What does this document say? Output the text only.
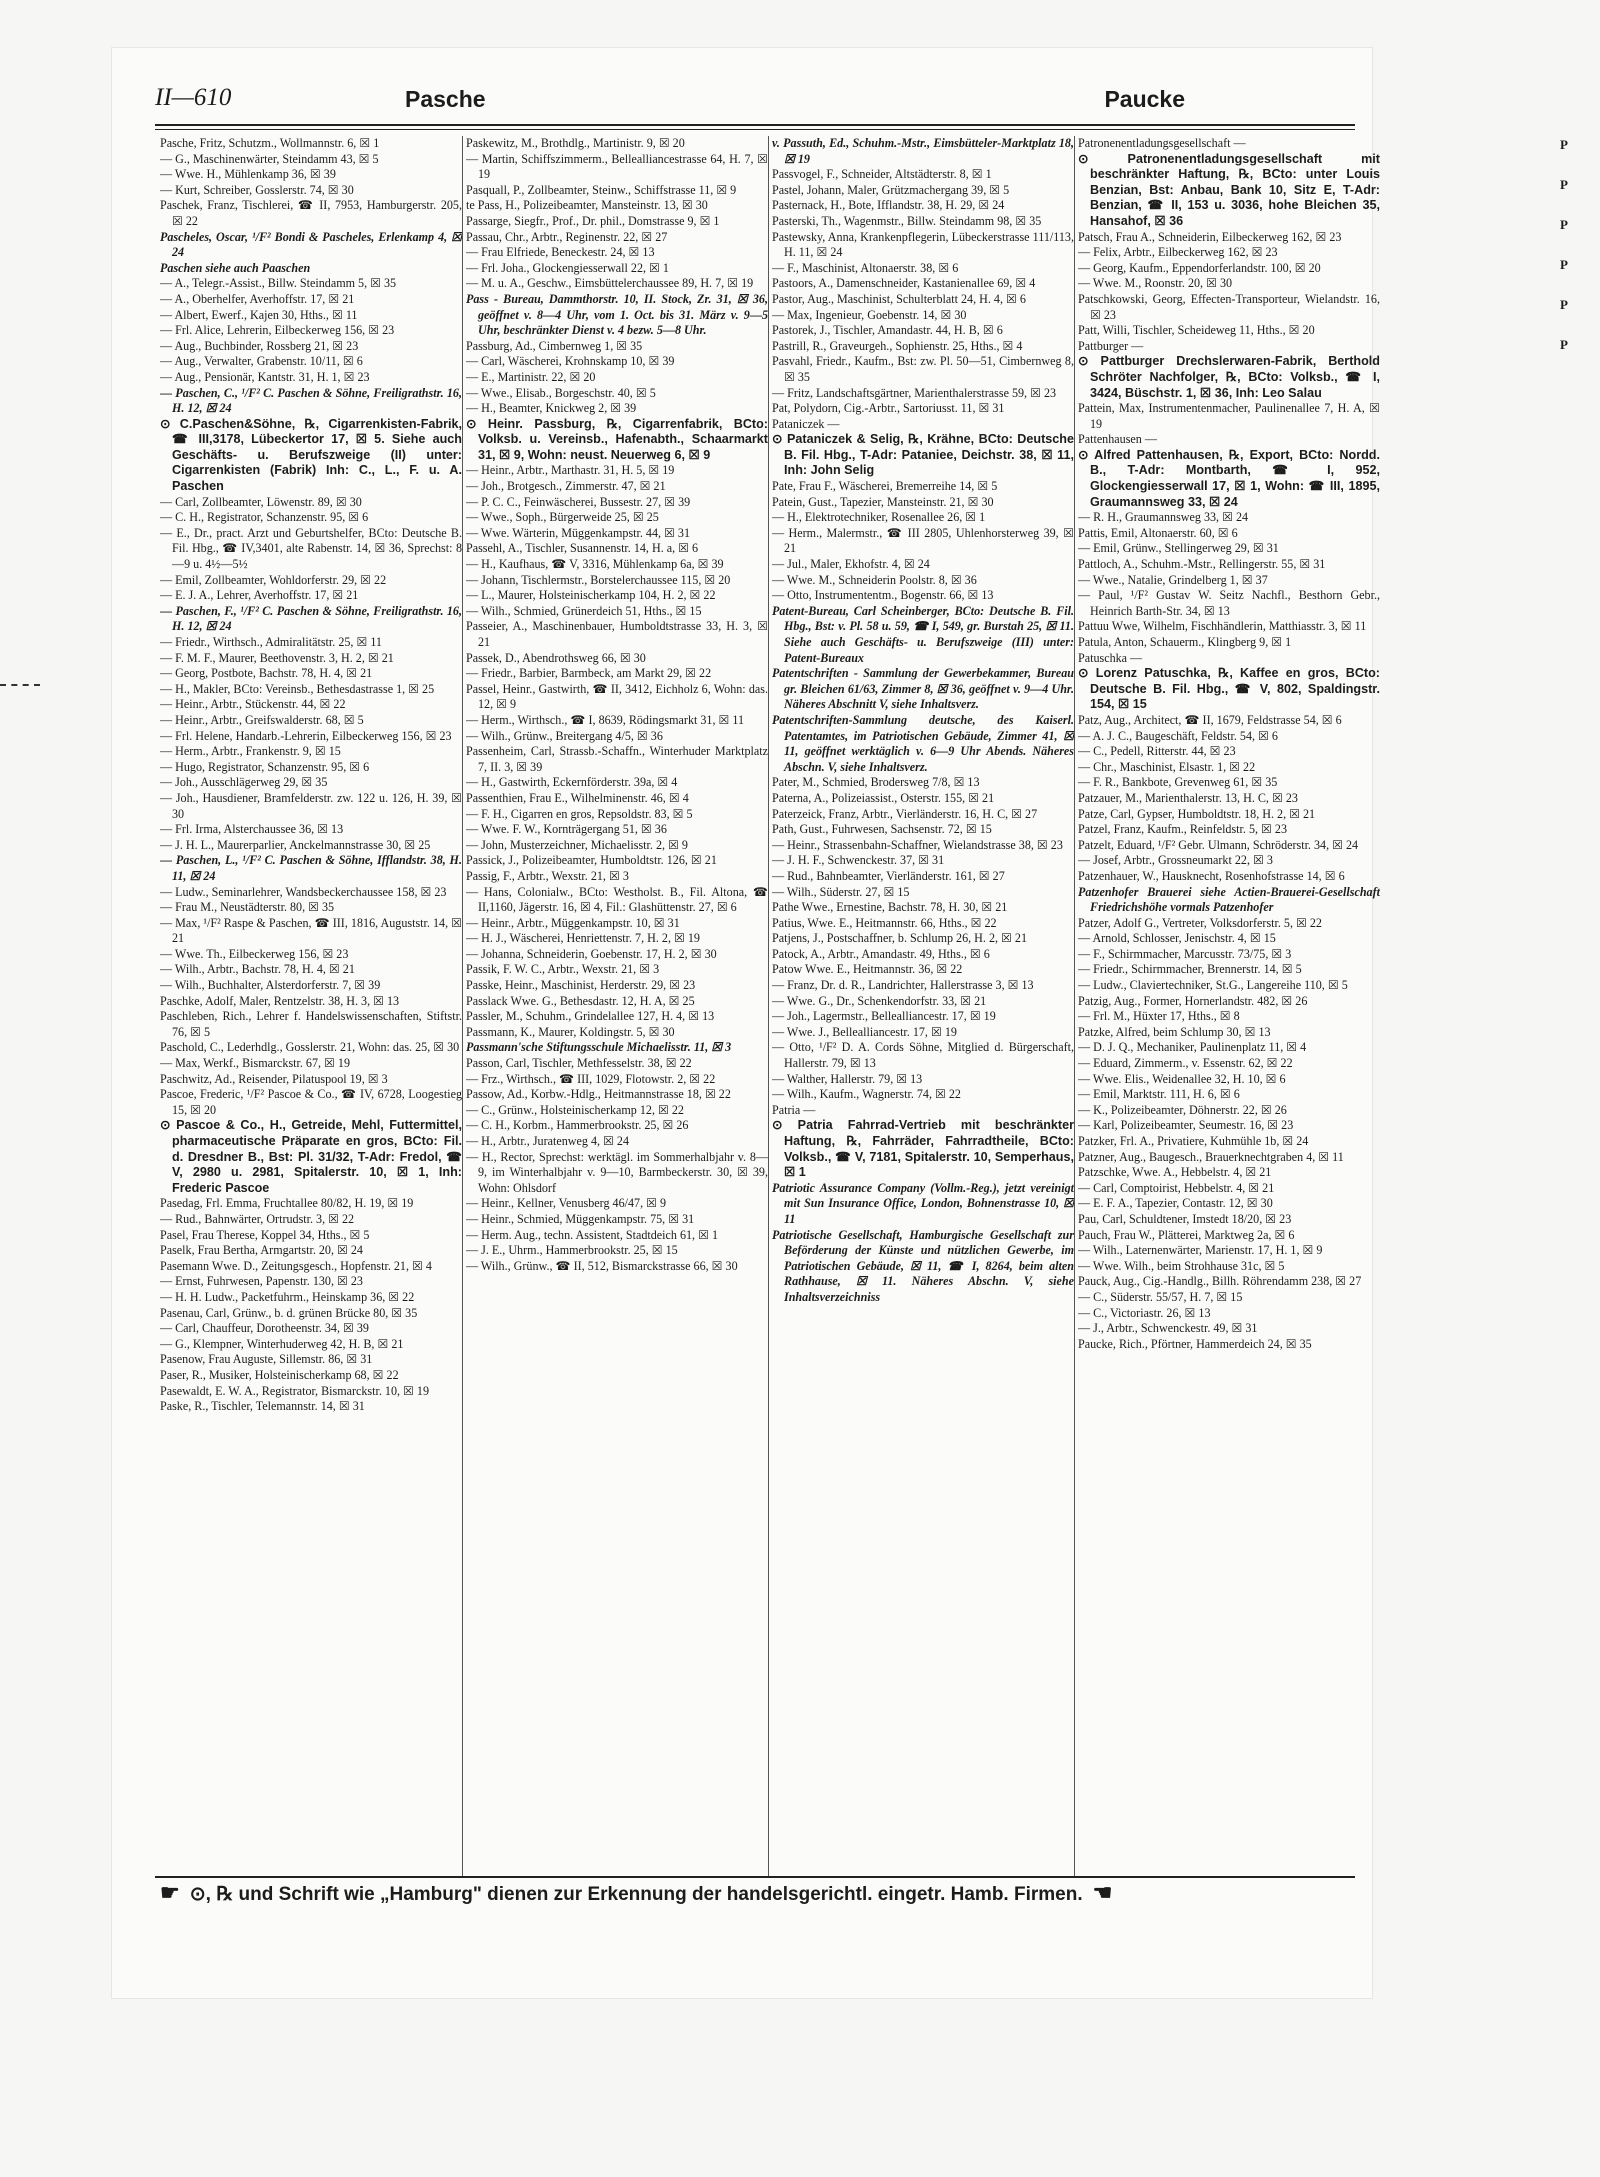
P
P
P
P
P
P
II—610	Pasche	Paucke

Pasche, Fritz, Schutzm., Wollmannstr. 6, ☒ 1

— G., Maschinenwärter, Steindamm 43, ☒ 5

— Wwe. H., Mühlenkamp 36, ☒ 39

— Kurt, Schreiber, Gosslerstr. 74, ☒ 30

Paschek, Franz, Tischlerei, ☎ II, 7953, Hamburgerstr. 205, ☒ 22

Pascheles, Oscar, ¹/F² Bondi & Pascheles, Erlenkamp 4, ☒ 24

Paschen siehe auch Paaschen

— A., Telegr.-Assist., Billw. Steindamm 5, ☒ 35

— A., Oberhelfer, Averhoffstr. 17, ☒ 21

— Albert, Ewerf., Kajen 30, Hths., ☒ 11

— Frl. Alice, Lehrerin, Eilbeckerweg 156, ☒ 23

— Aug., Buchbinder, Rossberg 21, ☒ 23

— Aug., Verwalter, Grabenstr. 10/11, ☒ 6

— Aug., Pensionär, Kantstr. 31, H. 1, ☒ 23

— Paschen, C., ¹/F² C. Paschen & Söhne, Freiligrathstr. 16, H. 12, ☒ 24

⊙ C.Paschen&Söhne, ℞, Cigarrenkisten-Fabrik, ☎ III,3178, Lübeckertor 17, ☒ 5. Siehe auch Geschäfts- u. Berufszweige (II) unter: Cigarrenkisten (Fabrik) Inh: C., L., F. u. A. Paschen

— Carl, Zollbeamter, Löwenstr. 89, ☒ 30

— C. H., Registrator, Schanzenstr. 95, ☒ 6

— E., Dr., pract. Arzt und Geburtshelfer, BCto: Deutsche B. Fil. Hbg., ☎ IV,3401, alte Rabenstr. 14, ☒ 36, Sprechst: 8—9 u. 4½—5½

— Emil, Zollbeamter, Wohldorferstr. 29, ☒ 22

— E. J. A., Lehrer, Averhoffstr. 17, ☒ 21

— Paschen, F., ¹/F² C. Paschen & Söhne, Freiligrathstr. 16, H. 12, ☒ 24

— Friedr., Wirthsch., Admiralitätstr. 25, ☒ 11

— F. M. F., Maurer, Beethovenstr. 3, H. 2, ☒ 21

— Georg, Postbote, Bachstr. 78, H. 4, ☒ 21

— H., Makler, BCto: Vereinsb., Bethesdastrasse 1, ☒ 25

— Heinr., Arbtr., Stückenstr. 44, ☒ 22

— Heinr., Arbtr., Greifswalderstr. 68, ☒ 5

— Frl. Helene, Handarb.-Lehrerin, Eilbeckerweg 156, ☒ 23

— Herm., Arbtr., Frankenstr. 9, ☒ 15

— Hugo, Registrator, Schanzenstr. 95, ☒ 6

— Joh., Ausschlägerweg 29, ☒ 35

— Joh., Hausdiener, Bramfelderstr. zw. 122 u. 126, H. 39, ☒ 30

— Frl. Irma, Alsterchaussee 36, ☒ 13

— J. H. L., Maurerparlier, Anckelmannstrasse 30, ☒ 25

— Paschen, L., ¹/F² C. Paschen & Söhne, Ifflandstr. 38, H. 11, ☒ 24

— Ludw., Seminarlehrer, Wandsbeckerchaussee 158, ☒ 23

— Frau M., Neustädterstr. 80, ☒ 35

— Max, ¹/F² Raspe & Paschen, ☎ III, 1816, Auguststr. 14, ☒ 21

— Wwe. Th., Eilbeckerweg 156, ☒ 23

— Wilh., Arbtr., Bachstr. 78, H. 4, ☒ 21

— Wilh., Buchhalter, Alsterdorferstr. 7, ☒ 39

Paschke, Adolf, Maler, Rentzelstr. 38, H. 3, ☒ 13

Paschleben, Rich., Lehrer f. Handelswissenschaften, Stiftstr. 76, ☒ 5

Paschold, C., Lederhdlg., Gosslerstr. 21, Wohn: das. 25, ☒ 30

— Max, Werkf., Bismarckstr. 67, ☒ 19

Paschwitz, Ad., Reisender, Pilatuspool 19, ☒ 3

Pascoe, Frederic, ¹/F² Pascoe & Co., ☎ IV, 6728, Loogestieg 15, ☒ 20

⊙ Pascoe & Co., H., Getreide, Mehl, Futtermittel, pharmaceutische Präparate en gros, BCto: Fil. d. Dresdner B., Bst: Pl. 31/32, T-Adr: Fredol, ☎ V, 2980 u. 2981, Spitalerstr. 10, ☒ 1, Inh: Frederic Pascoe

Pasedag, Frl. Emma, Fruchtallee 80/82, H. 19, ☒ 19

— Rud., Bahnwärter, Ortrudstr. 3, ☒ 22

Pasel, Frau Therese, Koppel 34, Hths., ☒ 5

Paselk, Frau Bertha, Armgartstr. 20, ☒ 24

Pasemann Wwe. D., Zeitungsgesch., Hopfenstr. 21, ☒ 4

— Ernst, Fuhrwesen, Papenstr. 130, ☒ 23

— H. H. Ludw., Packetfuhrm., Heinskamp 36, ☒ 22

Pasenau, Carl, Grünw., b. d. grünen Brücke 80, ☒ 35

— Carl, Chauffeur, Dorotheenstr. 34, ☒ 39

— G., Klempner, Winterhuderweg 42, H. B, ☒ 21

Pasenow, Frau Auguste, Sillemstr. 86, ☒ 31

Paser, R., Musiker, Holsteinischerkamp 68, ☒ 22

Pasewaldt, E. W. A., Registrator, Bismarckstr. 10, ☒ 19

Paske, R., Tischler, Telemannstr. 14, ☒ 31

Paskewitz, M., Brothdlg., Martinistr. 9, ☒ 20

— Martin, Schiffszimmerm., Bellealliancestrasse 64, H. 7, ☒ 19

Pasquall, P., Zollbeamter, Steinw., Schiffstrasse 11, ☒ 9

te Pass, H., Polizeibeamter, Mansteinstr. 13, ☒ 30

Passarge, Siegfr., Prof., Dr. phil., Domstrasse 9, ☒ 1

Passau, Chr., Arbtr., Reginenstr. 22, ☒ 27

— Frau Elfriede, Beneckestr. 24, ☒ 13

— Frl. Joha., Glockengiesserwall 22, ☒ 1

— M. u. A., Geschw., Eimsbüttelerchaussee 89, H. 7, ☒ 19

Pass - Bureau, Dammthorstr. 10, II. Stock, Zr. 31, ☒ 36, geöffnet v. 8—4 Uhr, vom 1. Oct. bis 31. März v. 9—5 Uhr, beschränkter Dienst v. 4 bezw. 5—8 Uhr.

Passburg, Ad., Cimbernweg 1, ☒ 35

— Carl, Wäscherei, Krohnskamp 10, ☒ 39

— E., Martinistr. 22, ☒ 20

— Wwe., Elisab., Borgeschstr. 40, ☒ 5

— H., Beamter, Knickweg 2, ☒ 39

⊙ Heinr. Passburg, ℞, Cigarrenfabrik, BCto: Volksb. u. Vereinsb., Hafenabth., Schaarmarkt 31, ☒ 9, Wohn: neust. Neuerweg 6, ☒ 9

— Heinr., Arbtr., Marthastr. 31, H. 5, ☒ 19

— Joh., Brotgesch., Zimmerstr. 47, ☒ 21

— P. C. C., Feinwäscherei, Bussestr. 27, ☒ 39

— Wwe., Soph., Bürgerweide 25, ☒ 25

— Wwe. Wärterin, Müggenkampstr. 44, ☒ 31

Passehl, A., Tischler, Susannenstr. 14, H. a, ☒ 6

— H., Kaufhaus, ☎ V, 3316, Mühlenkamp 6a, ☒ 39

— Johann, Tischlermstr., Borstelerchaussee 115, ☒ 20

— L., Maurer, Holsteinischerkamp 104, H. 2, ☒ 22

— Wilh., Schmied, Grünerdeich 51, Hths., ☒ 15

Passeier, A., Maschinenbauer, Humboldtstrasse 33, H. 3, ☒ 21

Passek, D., Abendrothsweg 66, ☒ 30

— Friedr., Barbier, Barmbeck, am Markt 29, ☒ 22

Passel, Heinr., Gastwirth, ☎ II, 3412, Eichholz 6, Wohn: das. 12, ☒ 9

— Herm., Wirthsch., ☎ I, 8639, Rödingsmarkt 31, ☒ 11

— Wilh., Grünw., Breitergang 4/5, ☒ 36

Passenheim, Carl, Strassb.-Schaffn., Winterhuder Marktplatz 7, II. 3, ☒ 39

— H., Gastwirth, Eckernförderstr. 39a, ☒ 4

Passenthien, Frau E., Wilhelminenstr. 46, ☒ 4

— F. H., Cigarren en gros, Repsoldstr. 83, ☒ 5

— Wwe. F. W., Kornträgergang 51, ☒ 36

— John, Musterzeichner, Michaelisstr. 2, ☒ 9

Passick, J., Polizeibeamter, Humboldtstr. 126, ☒ 21

Passig, F., Arbtr., Wexstr. 21, ☒ 3

— Hans, Colonialw., BCto: Westholst. B., Fil. Altona, ☎ II,1160, Jägerstr. 16, ☒ 4, Fil.: Glashüttenstr. 27, ☒ 6

— Heinr., Arbtr., Müggenkampstr. 10, ☒ 31

— H. J., Wäscherei, Henriettenstr. 7, H. 2, ☒ 19

— Johanna, Schneiderin, Goebenstr. 17, H. 2, ☒ 30

Passik, F. W. C., Arbtr., Wexstr. 21, ☒ 3

Passke, Heinr., Maschinist, Herderstr. 29, ☒ 23

Passlack Wwe. G., Bethesdastr. 12, H. A, ☒ 25

Passler, M., Schuhm., Grindelallee 127, H. 4, ☒ 13

Passmann, K., Maurer, Koldingstr. 5, ☒ 30

Passmann'sche Stiftungsschule Michaelisstr. 11, ☒ 3

Passon, Carl, Tischler, Methfesselstr. 38, ☒ 22

— Frz., Wirthsch., ☎ III, 1029, Flotowstr. 2, ☒ 22

Passow, Ad., Korbw.-Hdlg., Heitmannstrasse 18, ☒ 22

— C., Grünw., Holsteinischerkamp 12, ☒ 22

— C. H., Korbm., Hammerbrookstr. 25, ☒ 26

— H., Arbtr., Juratenweg 4, ☒ 24

— H., Rector, Sprechst: werktägl. im Sommerhalbjahr v. 8—9, im Winterhalbjahr v. 9—10, Barmbeckerstr. 30, ☒ 39, Wohn: Ohlsdorf

— Heinr., Kellner, Venusberg 46/47, ☒ 9

— Heinr., Schmied, Müggenkampstr. 75, ☒ 31

— Herm. Aug., techn. Assistent, Stadtdeich 61, ☒ 1

— J. E., Uhrm., Hammerbrookstr. 25, ☒ 15

— Wilh., Grünw., ☎ II, 512, Bismarckstrasse 66, ☒ 30

v. Passuth, Ed., Schuhm.-Mstr., Eimsbütteler-Marktplatz 18, ☒ 19

Passvogel, F., Schneider, Altstädterstr. 8, ☒ 1

Pastel, Johann, Maler, Grützmachergang 39, ☒ 5

Pasternack, H., Bote, Ifflandstr. 38, H. 29, ☒ 24

Pasterski, Th., Wagenmstr., Billw. Steindamm 98, ☒ 35

Pastewsky, Anna, Krankenpflegerin, Lübeckerstrasse 111/113, H. 11, ☒ 24

— F., Maschinist, Altonaerstr. 38, ☒ 6

Pastoors, A., Damenschneider, Kastanienallee 69, ☒ 4

Pastor, Aug., Maschinist, Schulterblatt 24, H. 4, ☒ 6

— Max, Ingenieur, Goebenstr. 14, ☒ 30

Pastorek, J., Tischler, Amandastr. 44, H. B, ☒ 6

Pastrill, R., Graveurgeh., Sophienstr. 25, Hths., ☒ 4

Pasvahl, Friedr., Kaufm., Bst: zw. Pl. 50—51, Cimbernweg 8, ☒ 35

— Fritz, Landschaftsgärtner, Marienthalerstrasse 59, ☒ 23

Pat, Polydorn, Cig.-Arbtr., Sartoriusst. 11, ☒ 31

Pataniczek —

⊙ Pataniczek & Selig, ℞, Krähne, BCto: Deutsche B. Fil. Hbg., T-Adr: Pataniee, Deichstr. 38, ☒ 11, Inh: John Selig

Pate, Frau F., Wäscherei, Bremerreihe 14, ☒ 5

Patein, Gust., Tapezier, Mansteinstr. 21, ☒ 30

— H., Elektrotechniker, Rosenallee 26, ☒ 1

— Herm., Malermstr., ☎ III 2805, Uhlenhorsterweg 39, ☒ 21

— Jul., Maler, Ekhofstr. 4, ☒ 24

— Wwe. M., Schneiderin Poolstr. 8, ☒ 36

— Otto, Instrumententm., Bogenstr. 66, ☒ 13

Patent-Bureau, Carl Scheinberger, BCto: Deutsche B. Fil. Hbg., Bst: v. Pl. 58 u. 59, ☎ I, 549, gr. Burstah 25, ☒ 11. Siehe auch Geschäfts- u. Berufszweige (III) unter: Patent-Bureaux

Patentschriften - Sammlung der Gewerbekammer, Bureau gr. Bleichen 61/63, Zimmer 8, ☒ 36, geöffnet v. 9—4 Uhr. Näheres Abschnitt V, siehe Inhaltsverz.

Patentschriften-Sammlung deutsche, des Kaiserl. Patentamtes, im Patriotischen Gebäude, Zimmer 41, ☒ 11, geöffnet werktäglich v. 6—9 Uhr Abends. Näheres Abschn. V, siehe Inhaltsverz.

Pater, M., Schmied, Brodersweg 7/8, ☒ 13

Paterna, A., Polizeiassist., Osterstr. 155, ☒ 21

Paterzeick, Franz, Arbtr., Vierländerstr. 16, H. C, ☒ 27

Path, Gust., Fuhrwesen, Sachsenstr. 72, ☒ 15

— Heinr., Strassenbahn-Schaffner, Wielandstrasse 38, ☒ 23

— J. H. F., Schwenckestr. 37, ☒ 31

— Rud., Bahnbeamter, Vierländerstr. 161, ☒ 27

— Wilh., Süderstr. 27, ☒ 15

Pathe Wwe., Ernestine, Bachstr. 78, H. 30, ☒ 21

Patius, Wwe. E., Heitmannstr. 66, Hths., ☒ 22

Patjens, J., Postschaffner, b. Schlump 26, H. 2, ☒ 21

Patock, A., Arbtr., Amandastr. 49, Hths., ☒ 6

Patow Wwe. E., Heitmannstr. 36, ☒ 22

— Franz, Dr. d. R., Landrichter, Hallerstrasse 3, ☒ 13

— Wwe. G., Dr., Schenkendorfstr. 33, ☒ 21

— Joh., Lagermstr., Bellealliancestr. 17, ☒ 19

— Wwe. J., Bellealliancestr. 17, ☒ 19

— Otto, ¹/F² D. A. Cords Söhne, Mitglied d. Bürgerschaft, Hallerstr. 79, ☒ 13

— Walther, Hallerstr. 79, ☒ 13

— Wilh., Kaufm., Wagnerstr. 74, ☒ 22

Patria —

⊙ Patria Fahrrad-Vertrieb mit beschränkter Haftung, ℞, Fahrräder, Fahrradtheile, BCto: Volksb., ☎ V, 7181, Spitalerstr. 10, Semperhaus, ☒ 1

Patriotic Assurance Company (Vollm.-Reg.), jetzt vereinigt mit Sun Insurance Office, London, Bohnenstrasse 10, ☒ 11

Patriotische Gesellschaft, Hamburgische Gesellschaft zur Beförderung der Künste und nützlichen Gewerbe, im Patriotischen Gebäude, ☒ 11, ☎ I, 8264, beim alten Rathhause, ☒ 11. Näheres Abschn. V, siehe Inhaltsverzeichniss

Patronenentladungsgesellschaft —

⊙ Patronenentladungsgesellschaft mit beschränkter Haftung, ℞, BCto: unter Louis Benzian, Bst: Anbau, Bank 10, Sitz E, T-Adr: Benzian, ☎ II, 153 u. 3036, hohe Bleichen 35, Hansahof, ☒ 36

Patsch, Frau A., Schneiderin, Eilbeckerweg 162, ☒ 23

— Felix, Arbtr., Eilbeckerweg 162, ☒ 23

— Georg, Kaufm., Eppendorferlandstr. 100, ☒ 20

— Wwe. M., Roonstr. 20, ☒ 30

Patschkowski, Georg, Effecten-Transporteur, Wielandstr. 16, ☒ 23

Patt, Willi, Tischler, Scheideweg 11, Hths., ☒ 20

Pattburger —

⊙ Pattburger Drechslerwaren-Fabrik, Berthold Schröter Nachfolger, ℞, BCto: Volksb., ☎ I, 3424, Büschstr. 1, ☒ 36, Inh: Leo Salau

Pattein, Max, Instrumentenmacher, Paulinenallee 7, H. A, ☒ 19

Pattenhausen —

⊙ Alfred Pattenhausen, ℞, Export, BCto: Nordd. B., T-Adr: Montbarth, ☎ I, 952, Glockengiesserwall 17, ☒ 1, Wohn: ☎ III, 1895, Graumannsweg 33, ☒ 24

— R. H., Graumannsweg 33, ☒ 24

Pattis, Emil, Altonaerstr. 60, ☒ 6

— Emil, Grünw., Stellingerweg 29, ☒ 31

Pattloch, A., Schuhm.-Mstr., Rellingerstr. 55, ☒ 31

— Wwe., Natalie, Grindelberg 1, ☒ 37

— Paul, ¹/F² Gustav W. Seitz Nachfl., Besthorn Gebr., Heinrich Barth-Str. 34, ☒ 13

Pattuu Wwe, Wilhelm, Fischhändlerin, Matthiasstr. 3, ☒ 11

Patula, Anton, Schauerm., Klingberg 9, ☒ 1

Patuschka —

⊙ Lorenz Patuschka, ℞, Kaffee en gros, BCto: Deutsche B. Fil. Hbg., ☎ V, 802, Spaldingstr. 154, ☒ 15

Patz, Aug., Architect, ☎ II, 1679, Feldstrasse 54, ☒ 6

— A. J. C., Baugeschäft, Feldstr. 54, ☒ 6

— C., Pedell, Ritterstr. 44, ☒ 23

— Chr., Maschinist, Elsastr. 1, ☒ 22

— F. R., Bankbote, Grevenweg 61, ☒ 35

Patzauer, M., Marienthalerstr. 13, H. C, ☒ 23

Patze, Carl, Gypser, Humboldtstr. 18, H. 2, ☒ 21

Patzel, Franz, Kaufm., Reinfeldstr. 5, ☒ 23

Patzelt, Eduard, ¹/F² Gebr. Ulmann, Schröderstr. 34, ☒ 24

— Josef, Arbtr., Grossneumarkt 22, ☒ 3

Patzenhauer, W., Hausknecht, Rosenhofstrasse 14, ☒ 6

Patzenhofer Brauerei siehe Actien-Brauerei-Gesellschaft Friedrichshöhe vormals Patzenhofer

Patzer, Adolf G., Vertreter, Volksdorferstr. 5, ☒ 22

— Arnold, Schlosser, Jenischstr. 4, ☒ 15

— F., Schirmmacher, Marcusstr. 73/75, ☒ 3

— Friedr., Schirmmacher, Brennerstr. 14, ☒ 5

— Ludw., Claviertechniker, St.G., Langereihe 110, ☒ 5

Patzig, Aug., Former, Hornerlandstr. 482, ☒ 26

— Frl. M., Hüxter 17, Hths., ☒ 8

Patzke, Alfred, beim Schlump 30, ☒ 13

— D. J. Q., Mechaniker, Paulinenplatz 11, ☒ 4

— Eduard, Zimmerm., v. Essenstr. 62, ☒ 22

— Wwe. Elis., Weidenallee 32, H. 10, ☒ 6

— Emil, Marktstr. 111, H. 6, ☒ 6

— K., Polizeibeamter, Döhnerstr. 22, ☒ 26

— Karl, Polizeibeamter, Seumestr. 16, ☒ 23

Patzker, Frl. A., Privatiere, Kuhmühle 1b, ☒ 24

Patzner, Aug., Baugesch., Brauerknechtgraben 4, ☒ 11

Patzschke, Wwe. A., Hebbelstr. 4, ☒ 21

— Carl, Comptoirist, Hebbelstr. 4, ☒ 21

— E. F. A., Tapezier, Contastr. 12, ☒ 30

Pau, Carl, Schuldtener, Imstedt 18/20, ☒ 23

Pauch, Frau W., Plätterei, Marktweg 2a, ☒ 6

— Wilh., Laternenwärter, Marienstr. 17, H. 1, ☒ 9

— Wwe. Wilh., beim Strohhause 31c, ☒ 5

Pauck, Aug., Cig.-Handlg., Billh. Röhrendamm 238, ☒ 27

— C., Süderstr. 55/57, H. 7, ☒ 15

— C., Victoriastr. 26, ☒ 13

— J., Arbtr., Schwenckestr. 49, ☒ 31

Paucke, Rich., Pförtner, Hammerdeich 24, ☒ 35

☛ ⊙, ℞ und Schrift wie „Hamburg" dienen zur Erkennung der handelsgerichtl. eingetr. Hamb. Firmen. ☚
